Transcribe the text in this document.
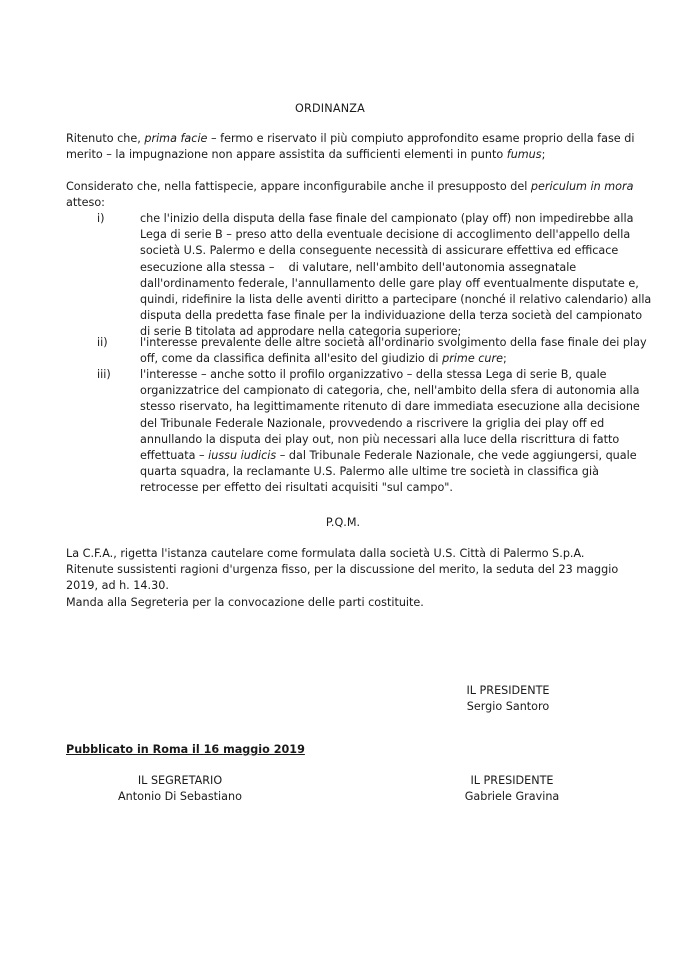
ORDINANZA
Ritenuto che, prima facie – fermo e riservato il più compiuto approfondito esame proprio della fase di
merito – la impugnazione non appare assistita da sufficienti elementi in punto fumus;
Considerato che, nella fattispecie, appare inconfigurabile anche il presupposto del periculum in mora
atteso:
i)	che l'inizio della disputa della fase finale del campionato (play off) non impedirebbe alla
Lega di serie B – preso atto della eventuale decisione di accoglimento dell'appello della
società U.S. Palermo e della conseguente necessità di assicurare effettiva ed efficace
esecuzione alla stessa –    di valutare, nell'ambito dell'autonomia assegnatale
dall'ordinamento federale, l'annullamento delle gare play off eventualmente disputate e,
quindi, ridefinire la lista delle aventi diritto a partecipare (nonché il relativo calendario) alla
disputa della predetta fase finale per la individuazione della terza società del campionato
di serie B titolata ad approdare nella categoria superiore;
ii)	l'interesse prevalente delle altre società all'ordinario svolgimento della fase finale dei play
off, come da classifica definita all'esito del giudizio di prime cure;
iii)	l'interesse – anche sotto il profilo organizzativo – della stessa Lega di serie B, quale
organizzatrice del campionato di categoria, che, nell'ambito della sfera di autonomia alla
stesso riservato, ha legittimamente ritenuto di dare immediata esecuzione alla decisione
del Tribunale Federale Nazionale, provvedendo a riscrivere la griglia dei play off ed
annullando la disputa dei play out, non più necessari alla luce della riscrittura di fatto
effettuata – iussu iudicis – dal Tribunale Federale Nazionale, che vede aggiungersi, quale
quarta squadra, la reclamante U.S. Palermo alle ultime tre società in classifica già
retrocesse per effetto dei risultati acquisiti "sul campo".
P.Q.M.
La C.F.A., rigetta l'istanza cautelare come formulata dalla società U.S. Città di Palermo S.p.A.
Ritenute sussistenti ragioni d'urgenza fisso, per la discussione del merito, la seduta del 23 maggio
2019, ad h. 14.30.
Manda alla Segreteria per la convocazione delle parti costituite.
IL PRESIDENTE
Sergio Santoro
Pubblicato in Roma il 16 maggio 2019
IL SEGRETARIO
Antonio Di Sebastiano
IL PRESIDENTE
Gabriele Gravina
